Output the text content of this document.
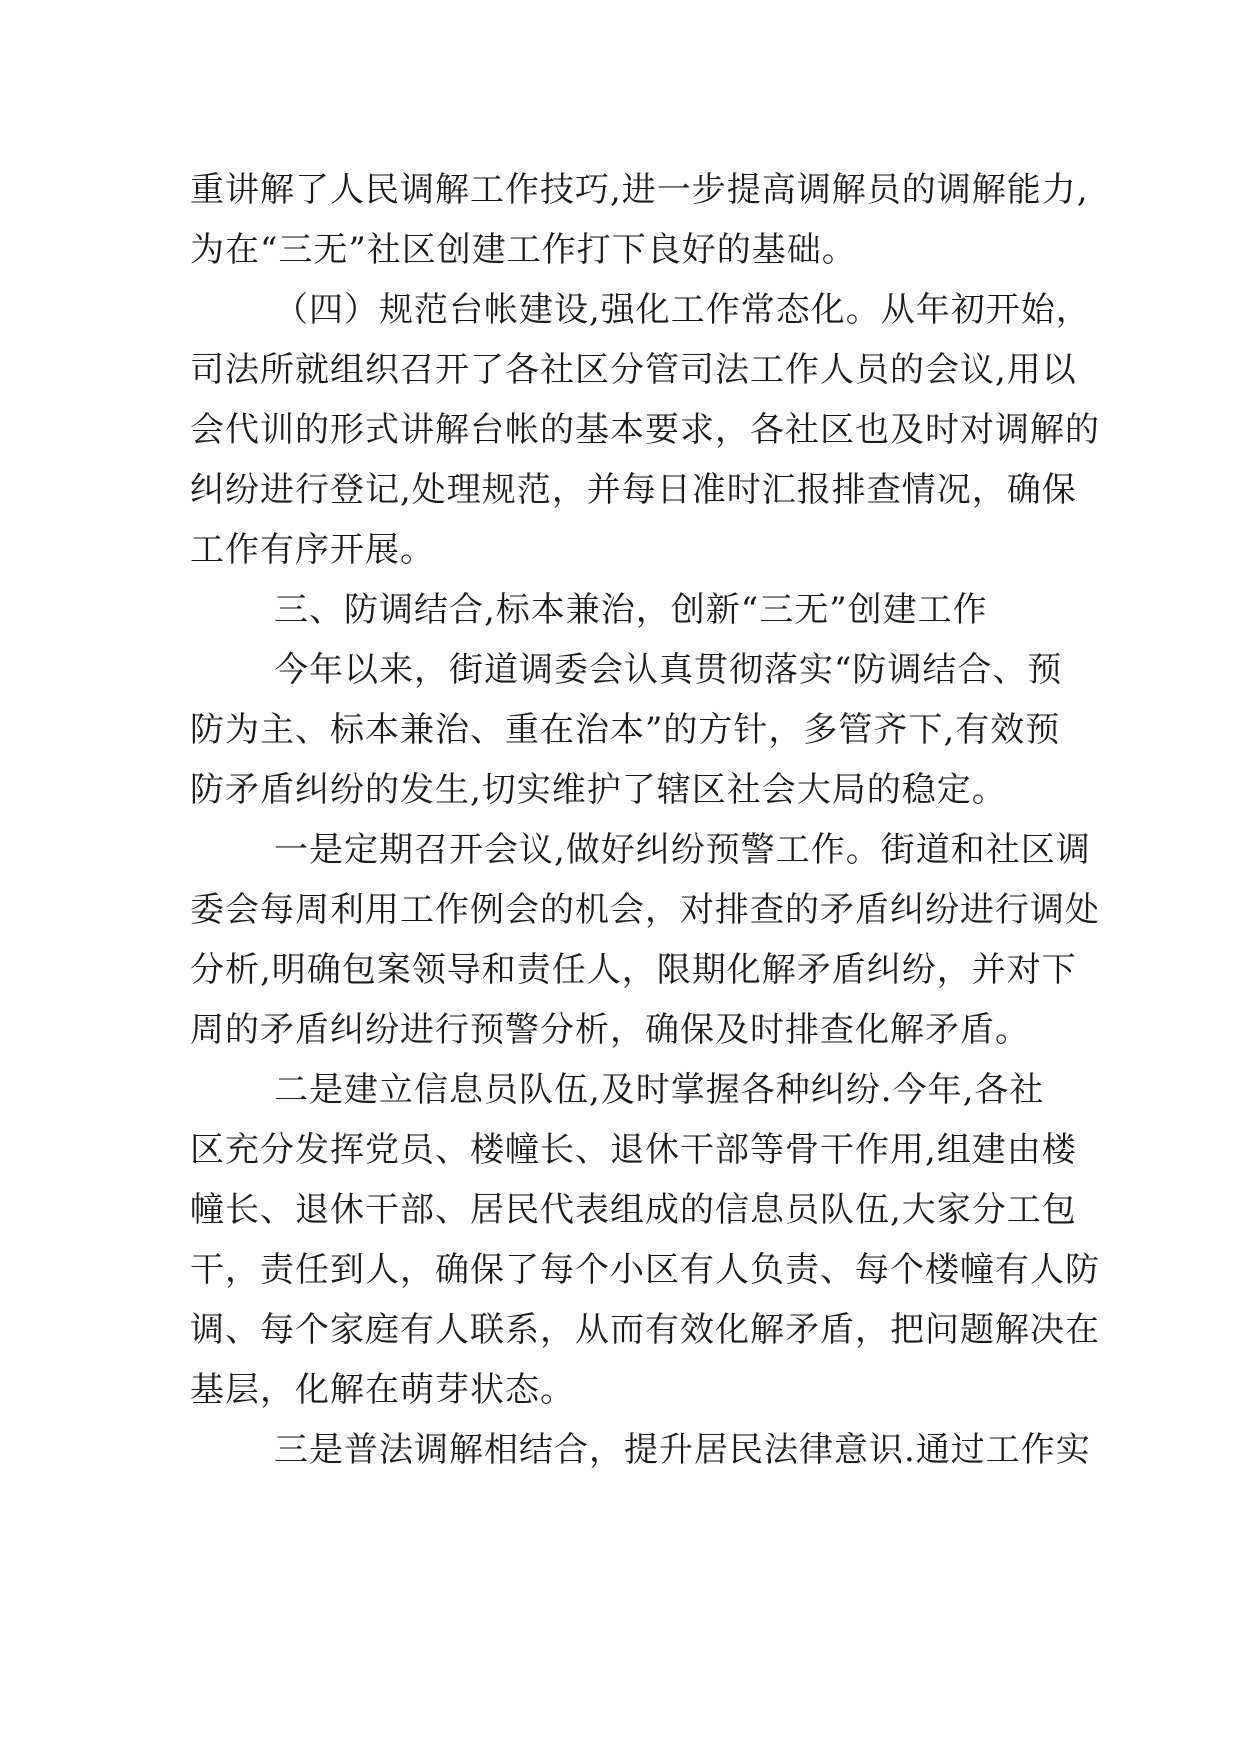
重讲解了人民调解工作技巧,进一步提高调解员的调解能力,
为在“三无”社区创建工作打下良好的基础。
（四）规范台帐建设,强化工作常态化。从年初开始，
司法所就组织召开了各社区分管司法工作人员的会议,用以
会代训的形式讲解台帐的基本要求，各社区也及时对调解的
纠纷进行登记,处理规范，并每日准时汇报排查情况，确保
工作有序开展。
三、防调结合,标本兼治，创新“三无”创建工作
今年以来，街道调委会认真贯彻落实“防调结合、预
防为主、标本兼治、重在治本”的方针，多管齐下,有效预
防矛盾纠纷的发生,切实维护了辖区社会大局的稳定。
一是定期召开会议,做好纠纷预警工作。街道和社区调
委会每周利用工作例会的机会，对排查的矛盾纠纷进行调处
分析,明确包案领导和责任人，限期化解矛盾纠纷，并对下
周的矛盾纠纷进行预警分析，确保及时排查化解矛盾。
二是建立信息员队伍,及时掌握各种纠纷.今年,各社
区充分发挥党员、楼幢长、退休干部等骨干作用,组建由楼
幢长、退休干部、居民代表组成的信息员队伍,大家分工包
干，责任到人，确保了每个小区有人负责、每个楼幢有人防
调、每个家庭有人联系，从而有效化解矛盾，把问题解决在
基层，化解在萌芽状态。
三是普法调解相结合，提升居民法律意识.通过工作实
